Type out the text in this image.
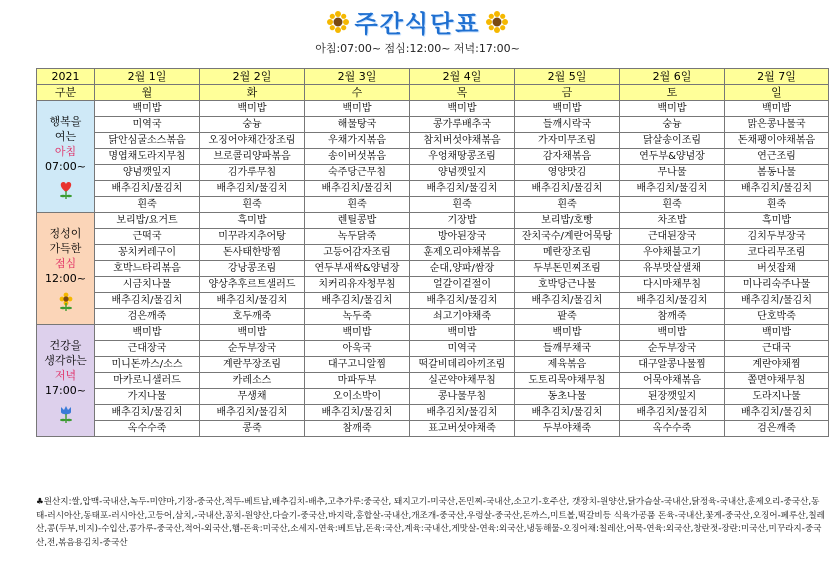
주간식단표
아침:07:00~ 점심:12:00~ 저녁:17:00~
2021	2월 1일	2월 2일	2월 3일	2월 4일	2월 5일	2월 6일	2월 7일
구분	월	화	수	목	금	토	일

행복을
여는
아침
07:00~	백미밥	백미밥	백미밥	백미밥	백미밥	백미밥	백미밥
	미역국	숭늉	해물탕국	콩가루배추국	들깨시락국	숭늉	맑은콩나물국
	닭안심굴소스볶음	오징어야채간장조림	우채가지볶음	참치버섯야채볶음	가자미무조림	닭살송이조림	돈채팽이야채볶음
	명엽채도라지무침	브로콜리양파볶음	송이버섯볶음	우엉채땅콩조림	감자채볶음	연두부&양념장	연근조림
	양념깻잎지	김가루무침	숙주당근무침	양념깻잎지	영양맛김	무나물	봄동나물
	배추김치/물김치	배추김치/물김치	배추김치/물김치	배추김치/물김치	배추김치/물김치	배추김치/물김치	배추김치/물김치
	흰죽	흰죽	흰죽	흰죽	흰죽	흰죽	흰죽

정성이
가득한
점심
12:00~	보리밥/요거트	흑미밥	렌틸콩밥	기장밥	보리밥/호빵	차조밥	흑미밥
	근떡국	미꾸라지추어탕	녹두닭죽	방아된장국	잔치국수/계란어묵탕	근대된장국	김치두부장국
	꽁치커레구이	돈사태한방찜	고등어감자조림	훈제오리야채볶음	메란장조림	우야채불고기	코다리무조림
	호박느타리볶음	강낭콩조림	연두부새싹&양념장	순대,양파/쌈장	두부돈민찌조림	유부맛살샐채	버섯잡채
	시금치나물	양상추후르트샐러드	치커리유자청무침	얼갈이겉절이	호박당근나물	다시마채무침	미나리숙주나물
	배추김치/물김치	배추김치/물김치	배추김치/물김치	배추김치/물김치	배추김치/물김치	배추김치/물김치	배추김치/물김치
	검은깨죽	호두깨죽	녹두죽	쇠고기야채죽	팥죽	참깨죽	단호박죽

건강을
생각하는
저녁
17:00~	백미밥	백미밥	백미밥	백미밥	백미밥	백미밥	백미밥
	근대장국	순두부장국	아욱국	미역국	들깨무채국	순두부장국	근대국
	미니돈까스/소스	계란무장조림	대구고니알찜	떡갈비데리아끼조림	제육볶음	대구알콩나물찜	계란야채찜
	마카로니샐러드	카레소스	마파두부	실곤약야채무침	도토리묵야채무침	어묵야채볶음	쫄면야채무침
	가지나물	무생채	오이소박이	콩나물무침	동초나물	된장깻잎지	도라지나물
	배추김치/물김치	배추김치/물김치	배추김치/물김치	배추김치/물김치	배추김치/물김치	배추김치/물김치	배추김치/물김치
	옥수수죽	콩죽	참깨죽	표고버섯야채죽	두부야채죽	옥수수죽	검은깨죽
♣원산지:쌀,압맥-국내산,녹두-미얀마,기장-중국산,적두-베트남,배추김치-배추,고추가루:중국산, 돼지고기-미국산,돈민찌-국내산,소고기-호주산, 갯장치-원양산,닭가슴살-국내산,닭정육-국내산,훈제오리-중국산,동태-러시아산,동태포-러시아산,고등어,삼치,-국내산,꽁치-원양산,다슬기-중국산,바지락,홍합살-국내산,개조개-중국산,우렁살-중국산,돈까스,미트볼,떡갈비등 식육가공품 돈육-국내산,꽃게-중국산,오징어-페루산,칠레산,콩(두부,비지)-수입산,콩가루-중국산,적어-외국산,햄-돈육:미국산,소세지-연육:베트남,돈육:국산,계육:국내산,게맛살-연육:외국산,냉동해물-오징어채:칠레산,어묵-연육:외국산,창란젓-장란:미국산,미꾸라지-중국산,전,볶음용김치-중국산
